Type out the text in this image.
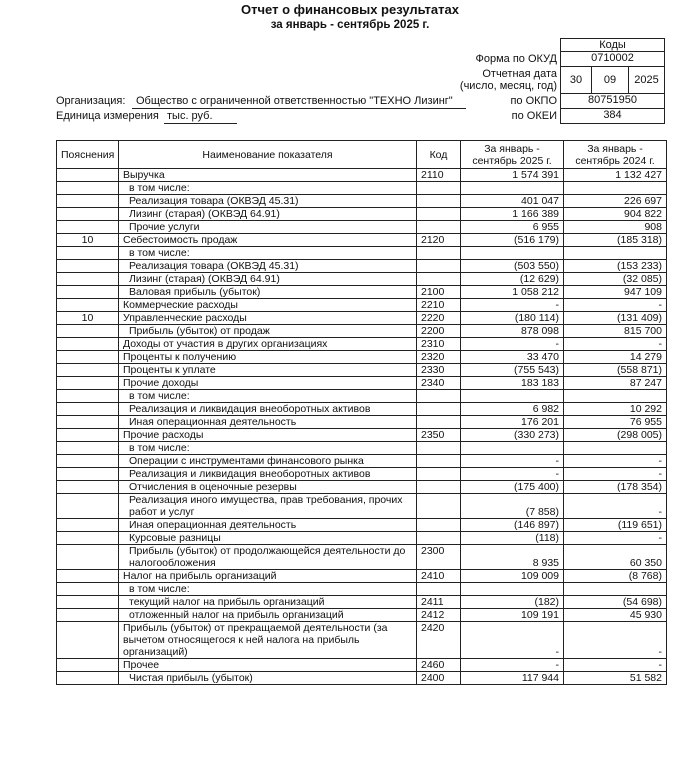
Отчет о финансовых результатах
за январь - сентябрь 2025 г.
Коды
Форма по ОКУД	0710002
Отчетная дата
(число, месяц, год)	30	09	2025
по ОКПО	80751950
по ОКЕИ	384
Организация: Общество с ограниченной ответственностью "ТЕХНО Лизинг"
Единица измерения тыс. руб.
Пояснения	Наименование показателя	Код	За январь - сентябрь 2025 г.	За январь - сентябрь 2024 г.
	Выручка	2110	1 574 391	1 132 427
	в том числе:			
	Реализация товара (ОКВЭД 45.31)		401 047	226 697
	Лизинг (старая) (ОКВЭД 64.91)		1 166 389	904 822
	Прочие услуги		6 955	908
10	Себестоимость продаж	2120	(516 179)	(185 318)
	в том числе:			
	Реализация товара (ОКВЭД 45.31)		(503 550)	(153 233)
	Лизинг (старая) (ОКВЭД 64.91)		(12 629)	(32 085)
	Валовая прибыль (убыток)	2100	1 058 212	947 109
	Коммерческие расходы	2210	-	-
10	Управленческие расходы	2220	(180 114)	(131 409)
	Прибыль (убыток) от продаж	2200	878 098	815 700
	Доходы от участия в других организациях	2310	-	-
	Проценты к получению	2320	33 470	14 279
	Проценты к уплате	2330	(755 543)	(558 871)
	Прочие доходы	2340	183 183	87 247
	в том числе:			
	Реализация и ликвидация внеоборотных активов		6 982	10 292
	Иная операционная деятельность		176 201	76 955
	Прочие расходы	2350	(330 273)	(298 005)
	в том числе:			
	Операции с инструментами финансового рынка		-	-
	Реализация и ликвидация внеоборотных активов		-	-
	Отчисления в оценочные резервы		(175 400)	(178 354)
	Реализация иного имущества, прав требования, прочих работ и услуг		(7 858)	-
	Иная операционная деятельность		(146 897)	(119 651)
	Курсовые разницы		(118)	-
	Прибыль (убыток) от продолжающейся деятельности до налогообложения	2300	8 935	60 350
	Налог на прибыль организаций	2410	109 009	(8 768)
	в том числе:			
	текущий налог на прибыль организаций	2411	(182)	(54 698)
	отложенный налог на прибыль организаций	2412	109 191	45 930
	Прибыль (убыток) от прекращаемой деятельности (за вычетом относящегося к ней налога на прибыль организаций)	2420	-	-
	Прочее	2460	-	-
	Чистая прибыль (убыток)	2400	117 944	51 582
